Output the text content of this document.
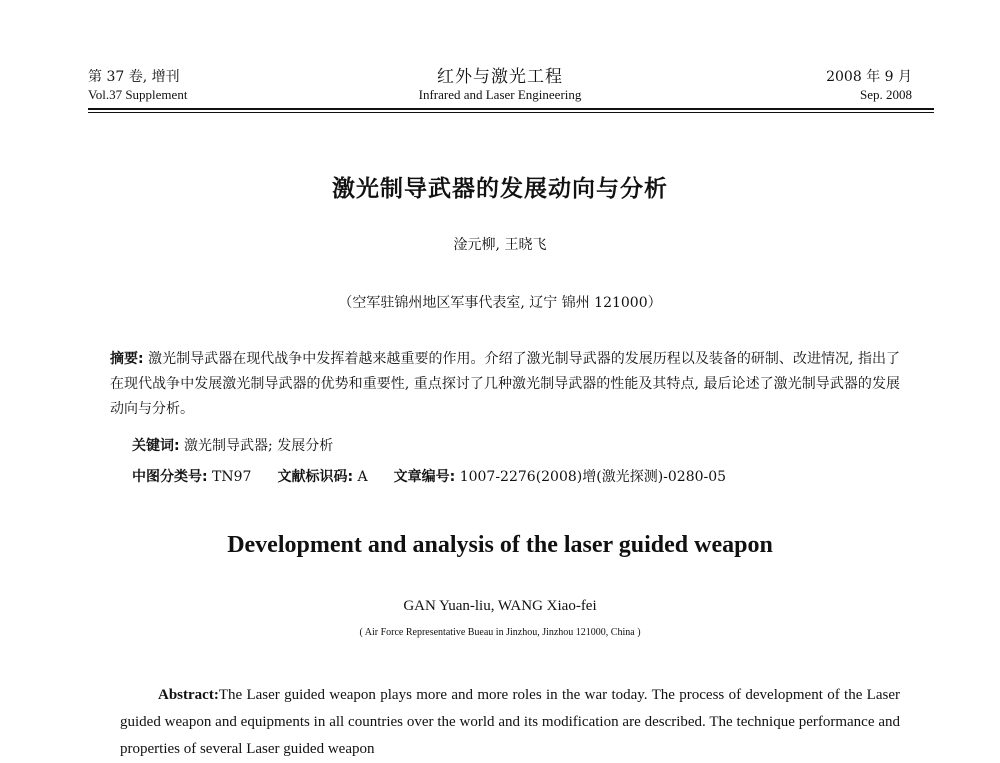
第 37 卷, 增刊
Vol.37 Supplement
红外与激光工程
Infrared and Laser Engineering
2008 年 9 月
Sep. 2008
激光制导武器的发展动向与分析
淦元柳, 王晓飞
（空军驻锦州地区军事代表室, 辽宁 锦州 121000）

摘要: 激光制导武器在现代战争中发挥着越来越重要的作用。介绍了激光制导武器的发展历程以及装备的研制、改进情况, 指出了在现代战争中发展激光制导武器的优势和重要性, 重点探讨了几种激光制导武器的性能及其特点, 最后论述了激光制导武器的发展动向与分析。

关键词: 激光制导武器; 发展分析
中图分类号: TN97 文献标识码: A 文章编号: 1007-2276(2008)增(激光探测)-0280-05
Development and analysis of the laser guided weapon
GAN Yuan-liu, WANG Xiao-fei
( Air Force Representative Bueau in Jinzhou, Jinzhou 121000, China )

Abstract:The Laser guided weapon plays more and more roles in the war today. The process of development of the Laser guided weapon and equipments in all countries over the world and its modification are described. The technique performance and properties of several Laser guided weapon
